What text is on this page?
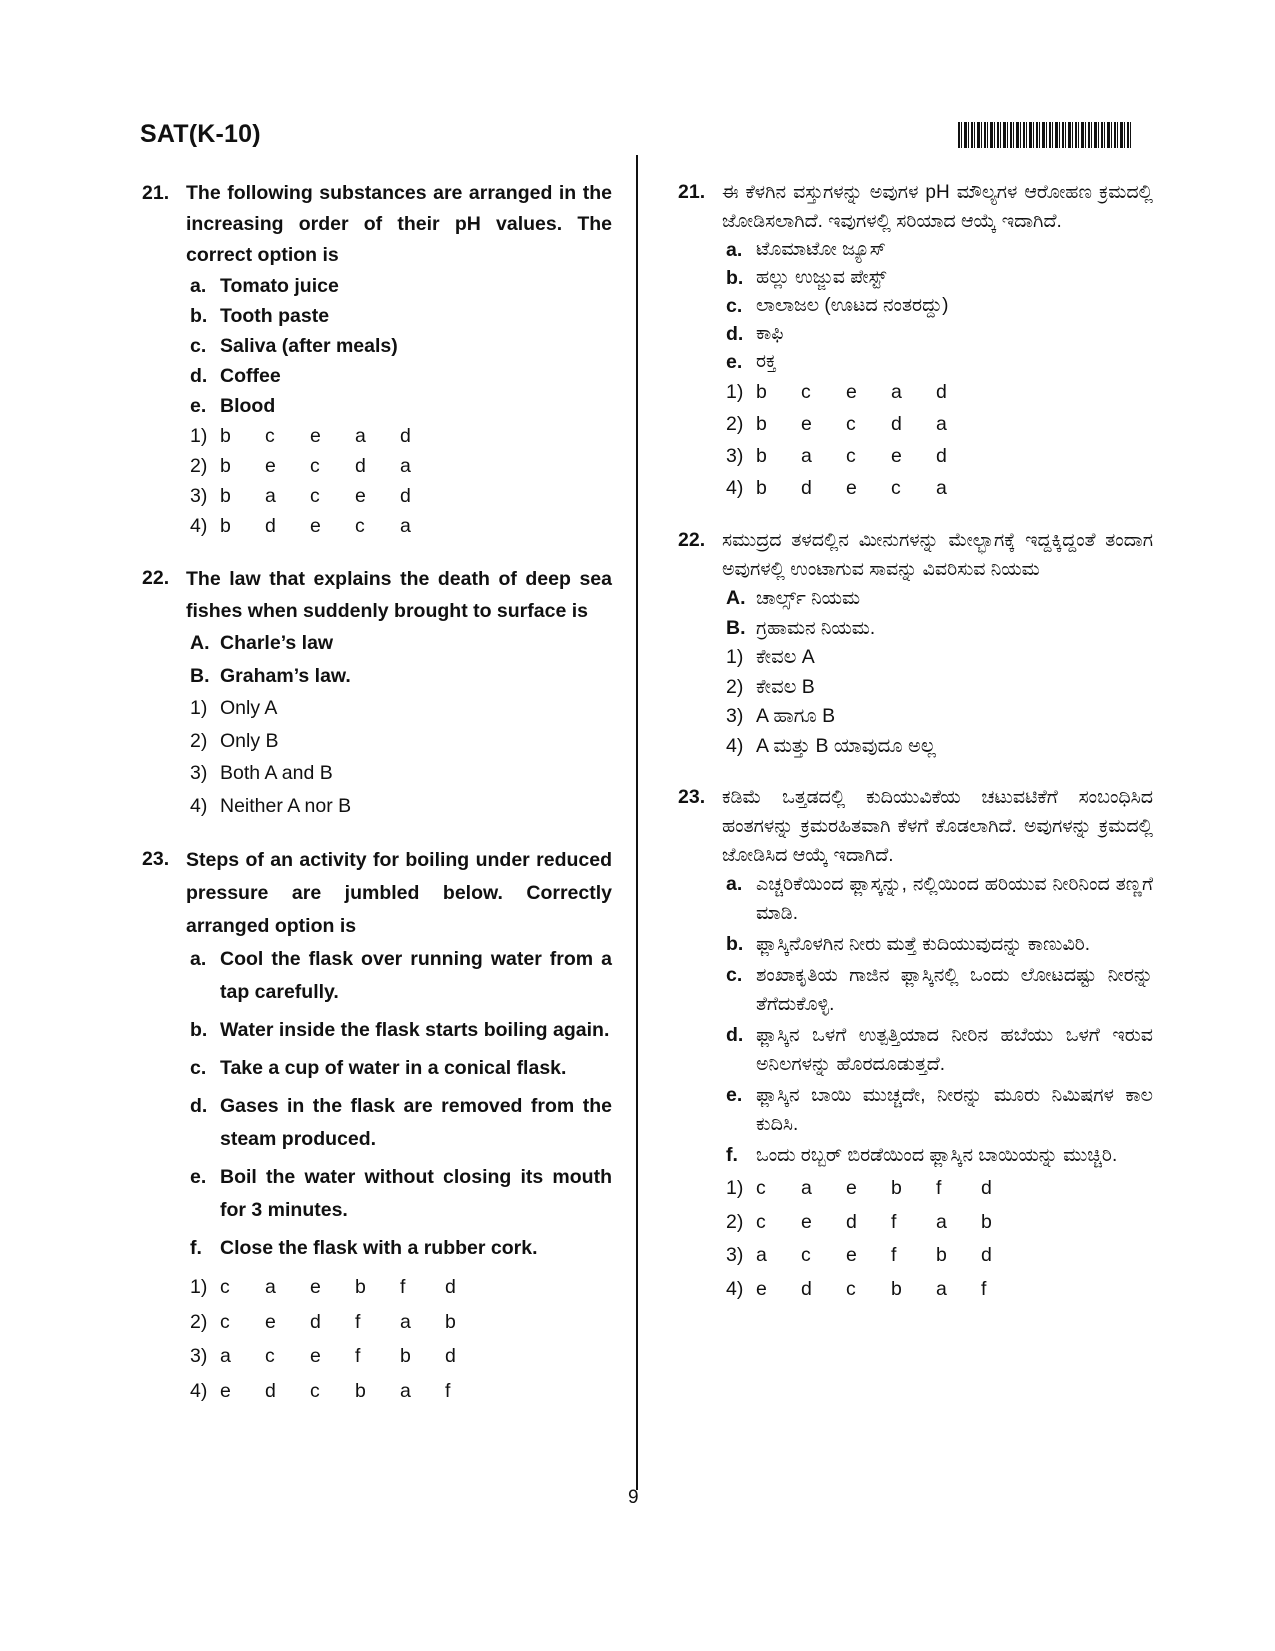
SAT(K-10)
9
21. The following substances are arranged in the increasing order of their pH values. The correct option is
a. Tomato juice
b. Tooth paste
c. Saliva (after meals)
d. Coffee
e. Blood
1) b	c	e	a	d
2) b	e	c	d	a
3) b	a	c	e	d
4) b	d	e	c	a
22. The law that explains the death of deep sea fishes when suddenly brought to surface is
A. Charle’s law
B. Graham’s law.
1) Only A
2) Only B
3) Both A and B
4) Neither A nor B
23. Steps of an activity for boiling under reduced pressure are jumbled below. Correctly arranged option is
a. Cool the flask over running water from a tap carefully.
b. Water inside the flask starts boiling again.
c. Take a cup of water in a conical flask.
d. Gases in the flask are removed from the steam produced.
e. Boil the water without closing its mouth for 3 minutes.
f. Close the flask with a rubber cork.
1) c	a	e	b	f	d
2) c	e	d	f	a	b
3) a	c	e	f	b	d
4) e	d	c	b	a	f
21. ಈ ಕೆಳಗಿನ ವಸ್ತುಗಳನ್ನು ಅವುಗಳ pH ಮೌಲ್ಯಗಳ ಆರೋಹಣ ಕ್ರಮದಲ್ಲಿ ಜೋಡಿಸಲಾಗಿದೆ. ಇವುಗಳಲ್ಲಿ ಸರಿಯಾದ ಆಯ್ಕೆ ಇದಾಗಿದೆ.
a. ಟೊಮಾಟೋ ಜ್ಯೂಸ್
b. ಹಲ್ಲು ಉಜ್ಜುವ ಪೇಸ್ಟ್
c. ಲಾಲಾಜಲ (ಊಟದ ನಂತರದ್ದು)
d. ಕಾಫಿ
e. ರಕ್ತ
1) b	c	e	a	d
2) b	e	c	d	a
3) b	a	c	e	d
4) b	d	e	c	a
22. ಸಮುದ್ರದ ತಳದಲ್ಲಿನ ಮೀನುಗಳನ್ನು ಮೇಲ್ಭಾಗಕ್ಕೆ ಇದ್ದಕ್ಕಿದ್ದಂತೆ ತಂದಾಗ ಅವುಗಳಲ್ಲಿ ಉಂಟಾಗುವ ಸಾವನ್ನು ವಿವರಿಸುವ ನಿಯಮ
A. ಚಾರ್ಲ್ಸ್ ನಿಯಮ
B. ಗ್ರಹಾಮನ ನಿಯಮ.
1) ಕೇವಲ A
2) ಕೇವಲ B
3) A ಹಾಗೂ B
4) A ಮತ್ತು B ಯಾವುದೂ ಅಲ್ಲ
23. ಕಡಿಮೆ ಒತ್ತಡದಲ್ಲಿ ಕುದಿಯುವಿಕೆಯ ಚಟುವಟಿಕೆಗೆ ಸಂಬಂಧಿಸಿದ ಹಂತಗಳನ್ನು ಕ್ರಮರಹಿತವಾಗಿ ಕೆಳಗೆ ಕೊಡಲಾಗಿದೆ. ಅವುಗಳನ್ನು ಕ್ರಮದಲ್ಲಿ ಜೋಡಿಸಿದ ಆಯ್ಕೆ ಇದಾಗಿದೆ.
a. ಎಚ್ಚರಿಕೆಯಿಂದ ಫ್ಲಾಸ್ಕನ್ನು, ನಲ್ಲಿಯಿಂದ ಹರಿಯುವ ನೀರಿನಿಂದ ತಣ್ಣಗೆ ಮಾಡಿ.
b. ಫ್ಲಾಸ್ಕಿನೊಳಗಿನ ನೀರು ಮತ್ತೆ ಕುದಿಯುವುದನ್ನು ಕಾಣುವಿರಿ.
c. ಶಂಖಾಕೃತಿಯ ಗಾಜಿನ ಫ್ಲಾಸ್ಕಿನಲ್ಲಿ ಒಂದು ಲೋಟದಷ್ಟು ನೀರನ್ನು ತೆಗೆದುಕೊಳ್ಳಿ.
d. ಫ್ಲಾಸ್ಕಿನ ಒಳಗೆ ಉತ್ಪತ್ತಿಯಾದ ನೀರಿನ ಹಬೆಯು ಒಳಗೆ ಇರುವ ಅನಿಲಗಳನ್ನು ಹೊರದೂಡುತ್ತದೆ.
e. ಫ್ಲಾಸ್ಕಿನ ಬಾಯಿ ಮುಚ್ಚದೇ, ನೀರನ್ನು ಮೂರು ನಿಮಿಷಗಳ ಕಾಲ ಕುದಿಸಿ.
f. ಒಂದು ರಬ್ಬರ್ ಬಿರಡೆಯಿಂದ ಫ್ಲಾಸ್ಕಿನ ಬಾಯಿಯನ್ನು ಮುಚ್ಚಿರಿ.
1) c	a	e	b	f	d
2) c	e	d	f	a	b
3) a	c	e	f	b	d
4) e	d	c	b	a	f
